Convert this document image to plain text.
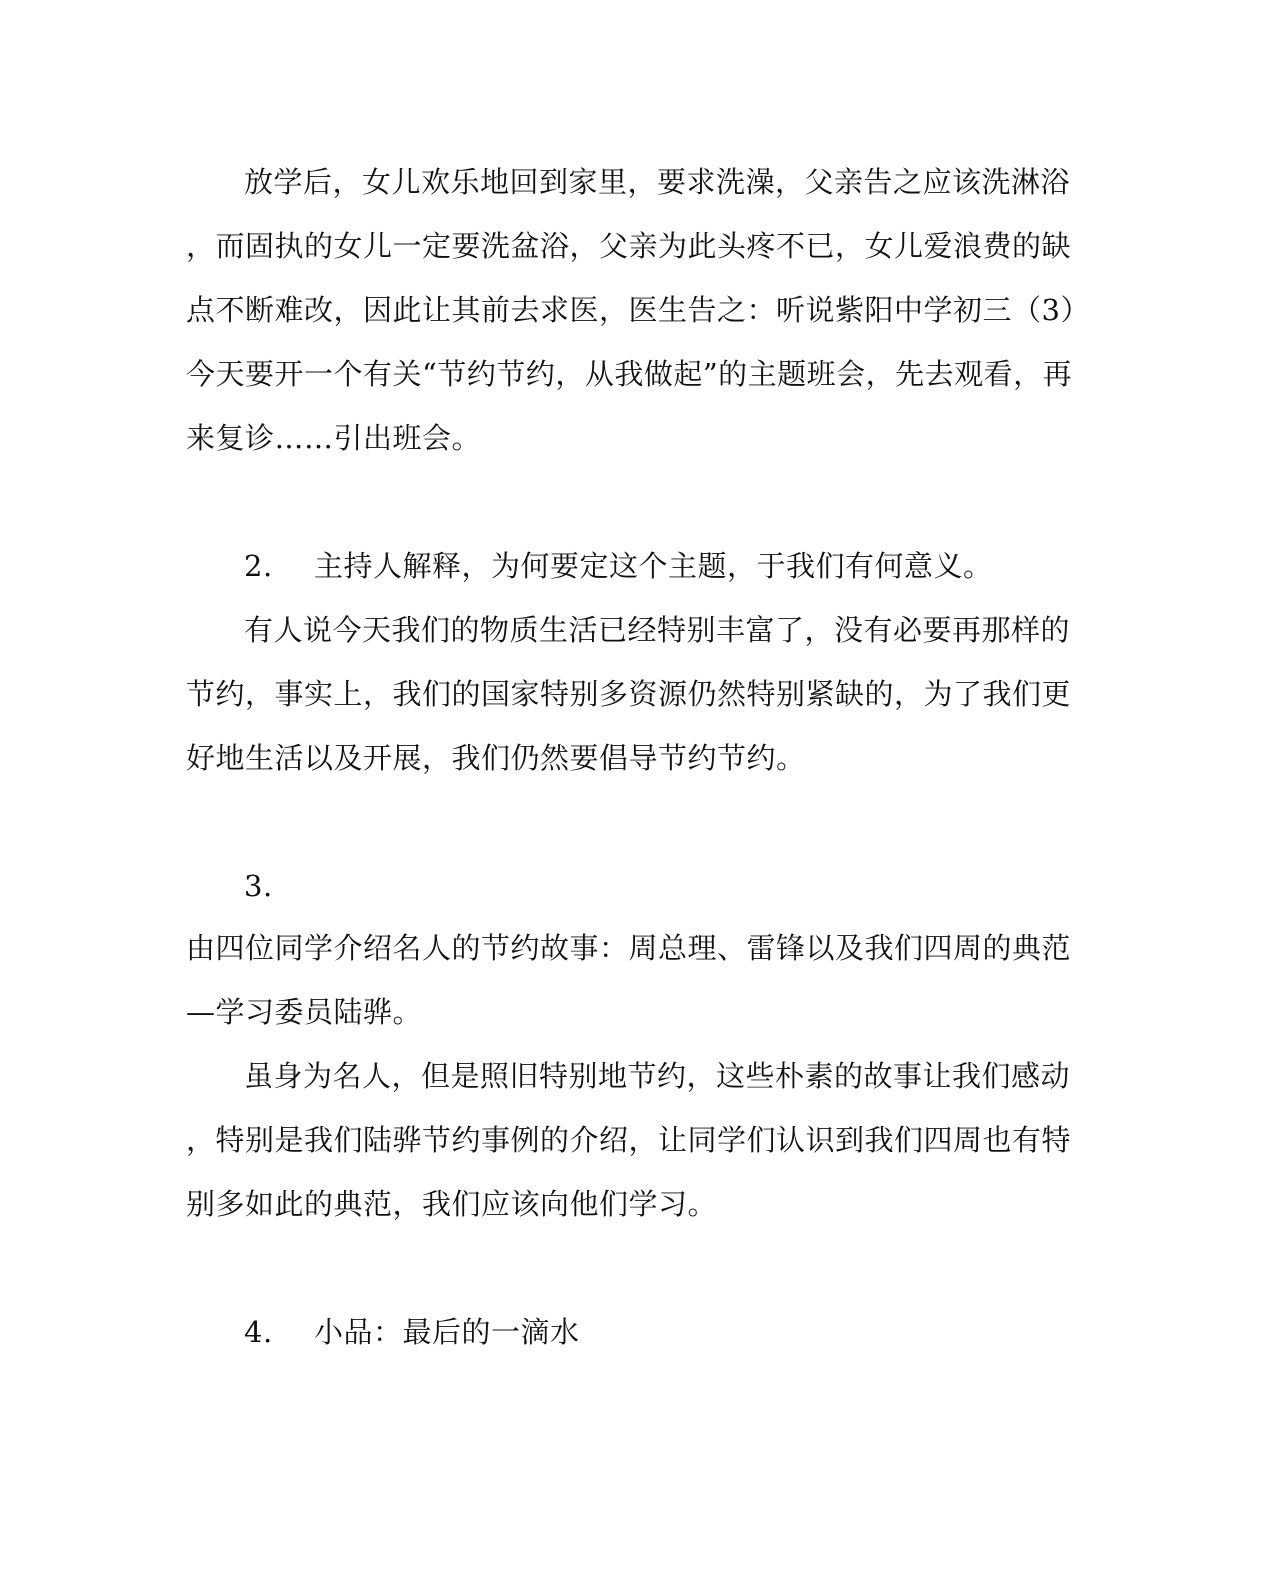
放学后，女儿欢乐地回到家里，要求洗澡，父亲告之应该洗淋浴
，而固执的女儿一定要洗盆浴，父亲为此头疼不已，女儿爱浪费的缺
点不断难改，因此让其前去求医，医生告之：听说紫阳中学初三（3）
今天要开一个有关“节约节约，从我做起”的主题班会，先去观看，再
来复诊……引出班会。
2. 主持人解释，为何要定这个主题，于我们有何意义。
有人说今天我们的物质生活已经特别丰富了，没有必要再那样的
节约，事实上，我们的国家特别多资源仍然特别紧缺的，为了我们更
好地生活以及开展，我们仍然要倡导节约节约。
3.
由四位同学介绍名人的节约故事：周总理、雷锋以及我们四周的典范
—学习委员陆骅。
虽身为名人，但是照旧特别地节约，这些朴素的故事让我们感动
，特别是我们陆骅节约事例的介绍，让同学们认识到我们四周也有特
别多如此的典范，我们应该向他们学习。
4. 小品：最后的一滴水
